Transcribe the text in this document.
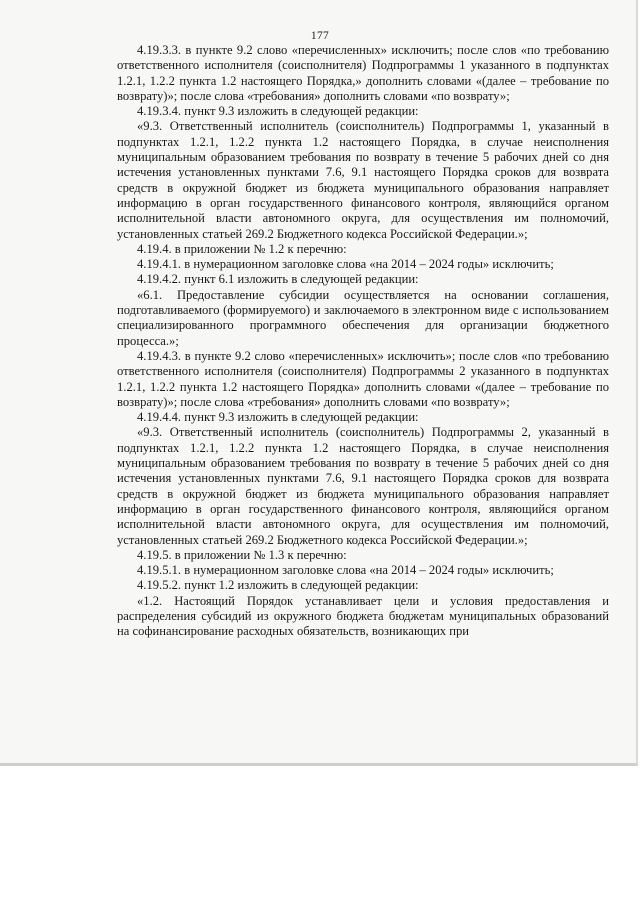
177

4.19.3.3. в пункте 9.2 слово «перечисленных» исключить; после слов «по требованию ответственного исполнителя (соисполнителя) Подпрограммы 1 указанного в подпунктах 1.2.1, 1.2.2 пункта 1.2 настоящего Порядка,» дополнить словами «(далее – требование по возврату)»; после слова «требования» дополнить словами «по возврату»;

4.19.3.4. пункт 9.3 изложить в следующей редакции:

«9.3. Ответственный исполнитель (соисполнитель) Подпрограммы 1, указанный в подпунктах 1.2.1, 1.2.2 пункта 1.2 настоящего Порядка, в случае неисполнения муниципальным образованием требования по возврату в течение 5 рабочих дней со дня истечения установленных пунктами 7.6, 9.1 настоящего Порядка сроков для возврата средств в окружной бюджет из бюджета муниципального образования направляет информацию в орган государственного финансового контроля, являющийся органом исполнительной власти автономного округа, для осуществления им полномочий, установленных статьей 269.2 Бюджетного кодекса Российской Федерации.»;

4.19.4. в приложении № 1.2 к перечню:

4.19.4.1. в нумерационном заголовке слова «на 2014 – 2024 годы» исключить;

4.19.4.2. пункт 6.1 изложить в следующей редакции:

«6.1. Предоставление субсидии осуществляется на основании соглашения, подготавливаемого (формируемого) и заключаемого в электронном виде с использованием специализированного программного обеспечения для организации бюджетного процесса.»;

4.19.4.3. в пункте 9.2 слово «перечисленных» исключить»; после слов «по требованию ответственного исполнителя (соисполнителя) Подпрограммы 2 указанного в подпунктах 1.2.1, 1.2.2 пункта 1.2 настоящего Порядка» дополнить словами «(далее – требование по возврату)»; после слова «требования» дополнить словами «по возврату»;

4.19.4.4. пункт 9.3 изложить в следующей редакции:

«9.3. Ответственный исполнитель (соисполнитель) Подпрограммы 2, указанный в подпунктах 1.2.1, 1.2.2 пункта 1.2 настоящего Порядка, в случае неисполнения муниципальным образованием требования по возврату в течение 5 рабочих дней со дня истечения установленных пунктами 7.6, 9.1 настоящего Порядка сроков для возврата средств в окружной бюджет из бюджета муниципального образования направляет информацию в орган государственного финансового контроля, являющийся органом исполнительной власти автономного округа, для осуществления им полномочий, установленных статьей 269.2 Бюджетного кодекса Российской Федерации.»;

4.19.5. в приложении № 1.3 к перечню:

4.19.5.1. в нумерационном заголовке слова «на 2014 – 2024 годы» исключить;

4.19.5.2. пункт 1.2 изложить в следующей редакции:

«1.2. Настоящий Порядок устанавливает цели и условия предоставления и распределения субсидий из окружного бюджета бюджетам муниципальных образований на софинансирование расходных обязательств, возникающих при
